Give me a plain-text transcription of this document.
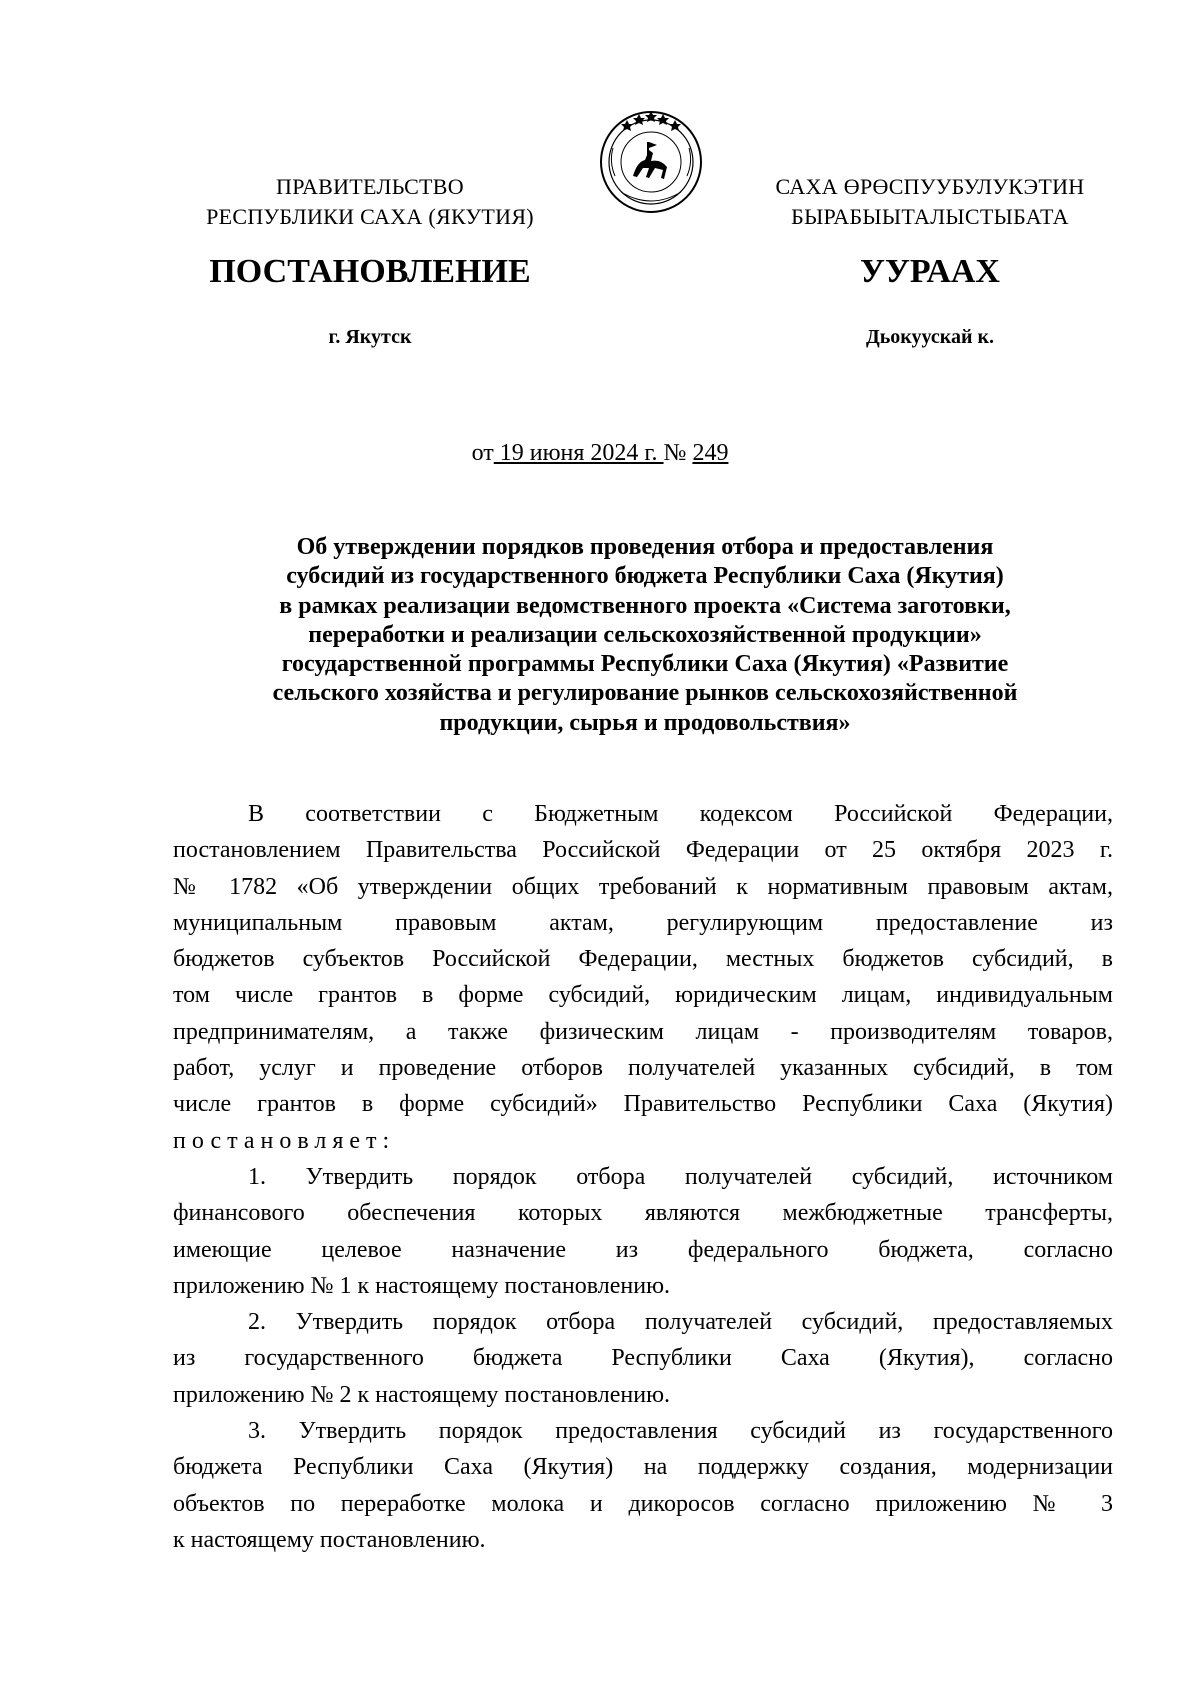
ПРАВИТЕЛЬСТВО
РЕСПУБЛИКИ САХА (ЯКУТИЯ)
САХА ӨРӨСПУУБУЛУКЭТИН
БЫРАБЫЫТАЛЫСТЫБАТА
ПОСТАНОВЛЕНИЕ	УУРААХ
г. Якутск	Дьокуускай к.
от 19 июня 2024 г. № 249
Об утверждении порядков проведения отбора и предоставления
субсидий из государственного бюджета Республики Саха (Якутия)
в рамках реализации ведомственного проекта «Система заготовки,
переработки и реализации сельскохозяйственной продукции»
государственной программы Республики Саха (Якутия) «Развитие
сельского хозяйства и регулирование рынков сельскохозяйственной
продукции, сырья и продовольствия»
В соответствии с Бюджетным кодексом Российской Федерации,
постановлением Правительства Российской Федерации от 25 октября 2023 г.
№ 1782 «Об утверждении общих требований к нормативным правовым актам,
муниципальным правовым актам, регулирующим предоставление из
бюджетов субъектов Российской Федерации, местных бюджетов субсидий, в
том числе грантов в форме субсидий, юридическим лицам, индивидуальным
предпринимателям, а также физическим лицам - производителям товаров,
работ, услуг и проведение отборов получателей указанных субсидий, в том
числе грантов в форме субсидий» Правительство Республики Саха (Якутия)
постановляет:
1. Утвердить порядок отбора получателей субсидий, источником
финансового обеспечения которых являются межбюджетные трансферты,
имеющие целевое назначение из федерального бюджета, согласно
приложению № 1 к настоящему постановлению.
2. Утвердить порядок отбора получателей субсидий, предоставляемых
из государственного бюджета Республики Саха (Якутия), согласно
приложению № 2 к настоящему постановлению.
3. Утвердить порядок предоставления субсидий из государственного
бюджета Республики Саха (Якутия) на поддержку создания, модернизации
объектов по переработке молока и дикоросов согласно приложению № 3
к настоящему постановлению.
